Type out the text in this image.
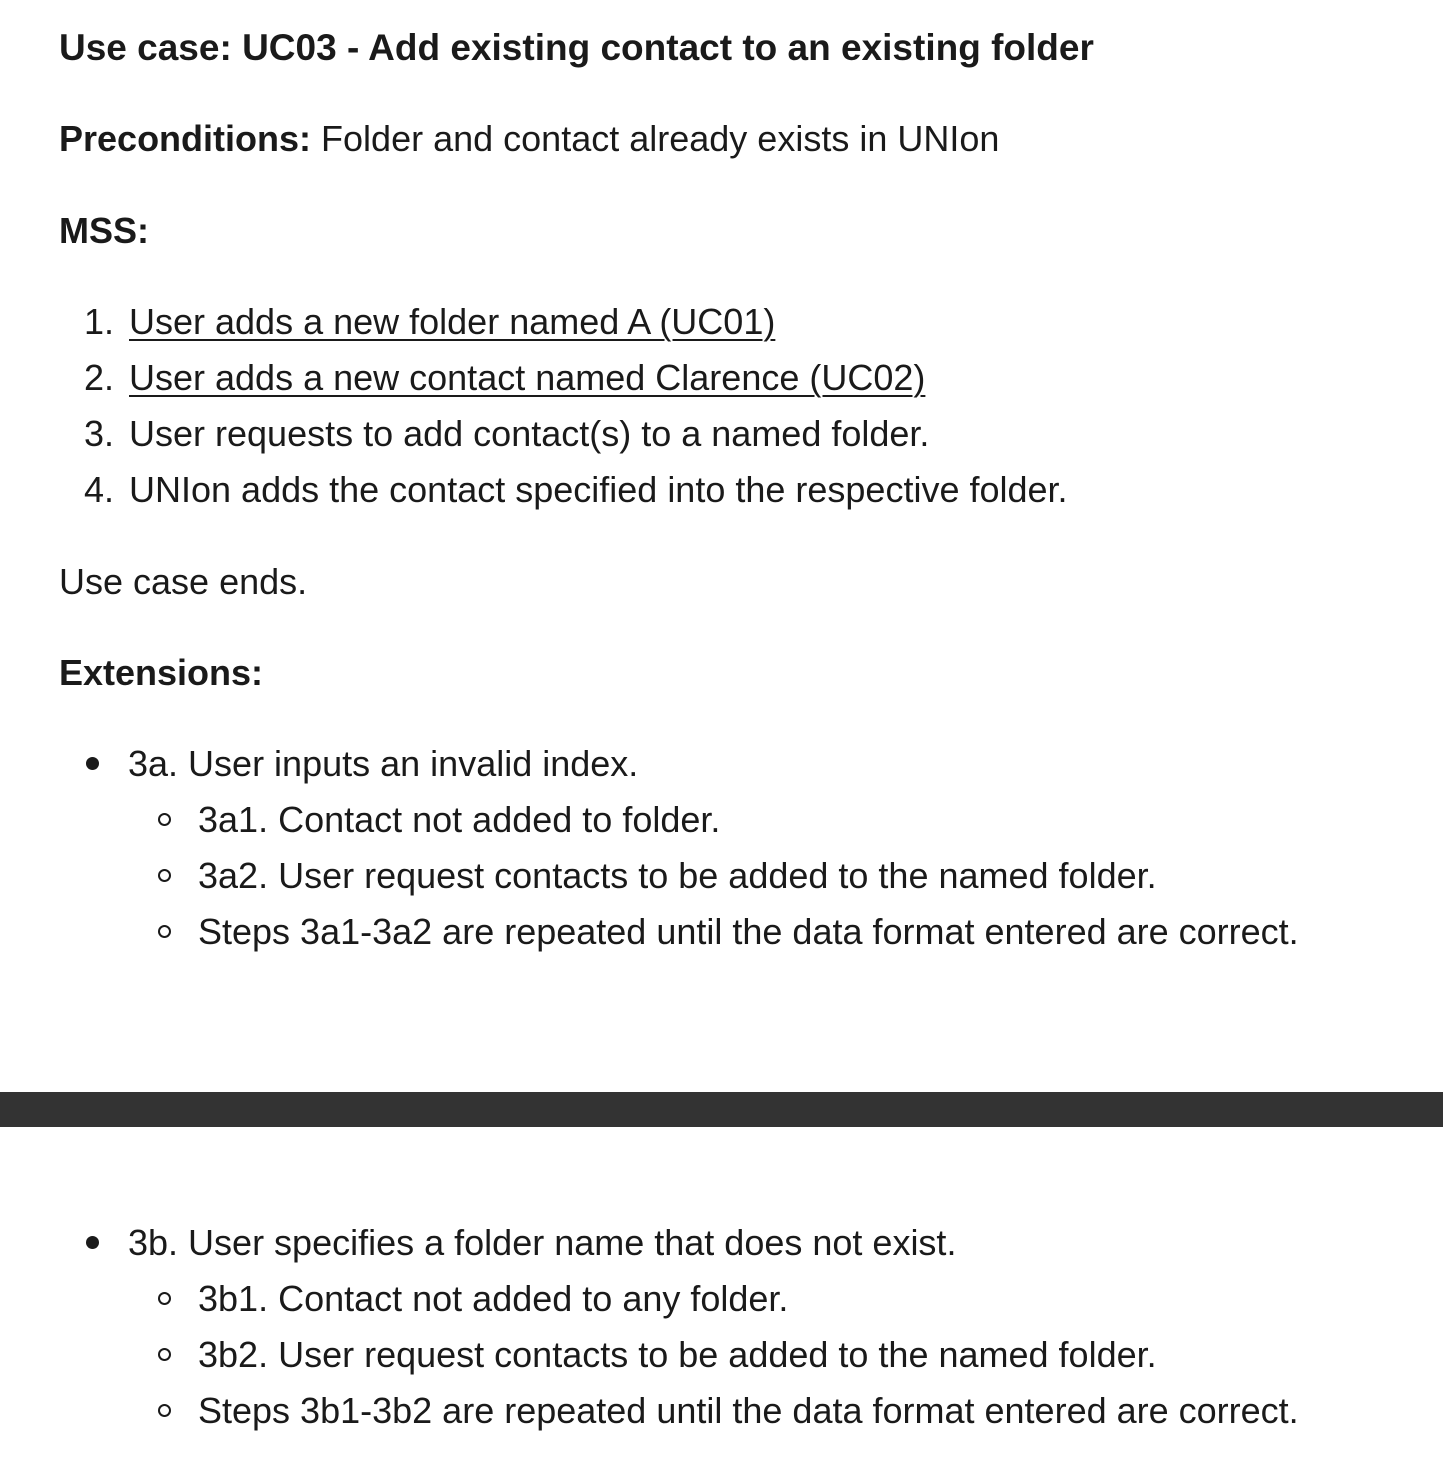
Use case: UC03 - Add existing contact to an existing folder
Preconditions: Folder and contact already exists in UNIon
MSS:
1. User adds a new folder named A (UC01)
2. User adds a new contact named Clarence (UC02)
3. User requests to add contact(s) to a named folder.
4. UNIon adds the contact specified into the respective folder.
Use case ends.
Extensions:
3a. User inputs an invalid index.
3a1. Contact not added to folder.
3a2. User request contacts to be added to the named folder.
Steps 3a1-3a2 are repeated until the data format entered are correct.
3b. User specifies a folder name that does not exist.
3b1. Contact not added to any folder.
3b2. User request contacts to be added to the named folder.
Steps 3b1-3b2 are repeated until the data format entered are correct.
